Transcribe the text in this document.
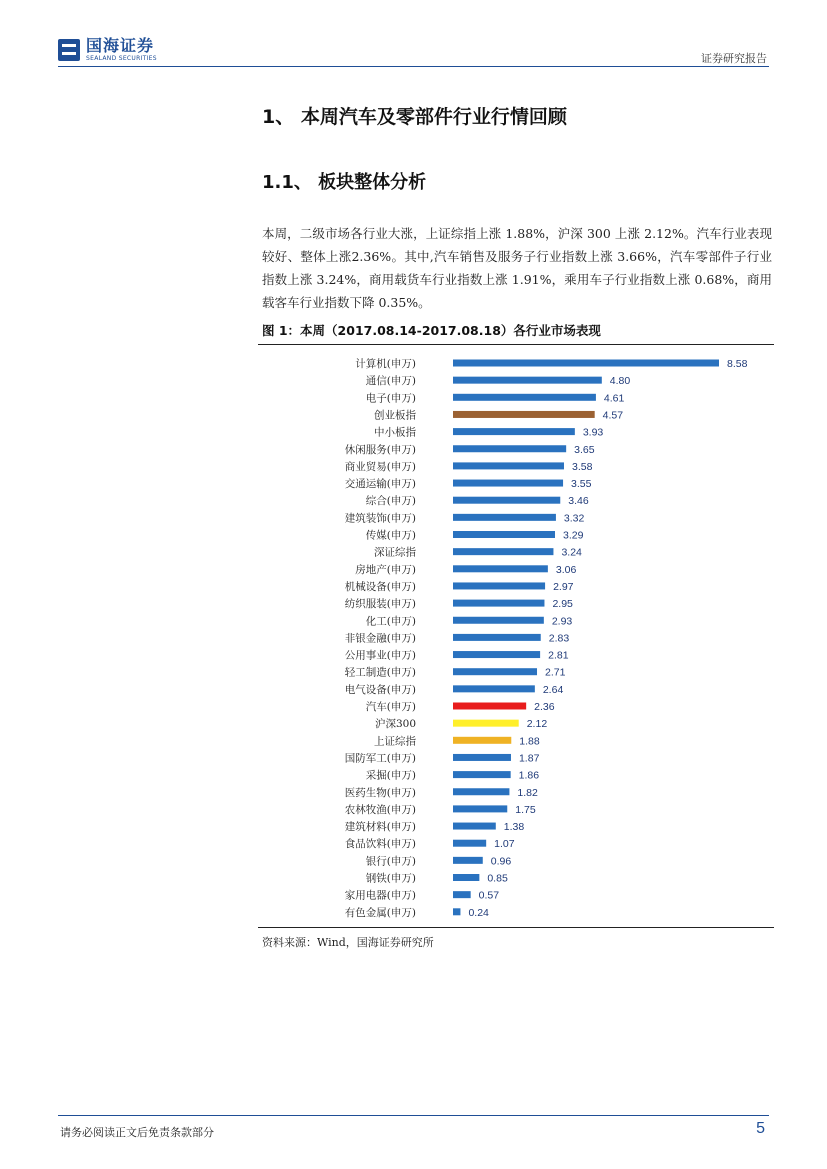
国海证券
SEALAND SECURITIES	证券研究报告
1、 本周汽车及零部件行业行情回顾
1.1、 板块整体分析
本周，二级市场各行业大涨，上证综指上涨 1.88%，沪深 300 上涨 2.12%。汽车行业表现较好、整体上涨2.36%。其中,汽车销售及服务子行业指数上涨 3.66%，汽车零部件子行业指数上涨 3.24%，商用载货车行业指数上涨 1.91%，乘用车子行业指数上涨 0.68%，商用载客车行业指数下降 0.35%。
图 1：本周（2017.08.14-2017.08.18）各行业市场表现
计算机(申万)	8.58
通信(申万)	4.80
电子(申万)	4.61
创业板指	4.57
中小板指	3.93
休闲服务(申万)	3.65
商业贸易(申万)	3.58
交通运输(申万)	3.55
综合(申万)	3.46
建筑装饰(申万)	3.32
传媒(申万)	3.29
深证综指	3.24
房地产(申万)	3.06
机械设备(申万)	2.97
纺织服装(申万)	2.95
化工(申万)	2.93
非银金融(申万)	2.83
公用事业(申万)	2.81
轻工制造(申万)	2.71
电气设备(申万)	2.64
汽车(申万)	2.36
沪深300	2.12
上证综指	1.88
国防军工(申万)	1.87
采掘(申万)	1.86
医药生物(申万)	1.82
农林牧渔(申万)	1.75
建筑材料(申万)	1.38
食品饮料(申万)	1.07
银行(申万)	0.96
钢铁(申万)	0.85
家用电器(申万)	0.57
有色金属(申万)	0.24
资料来源：Wind，国海证券研究所
请务必阅读正文后免责条款部分	5
